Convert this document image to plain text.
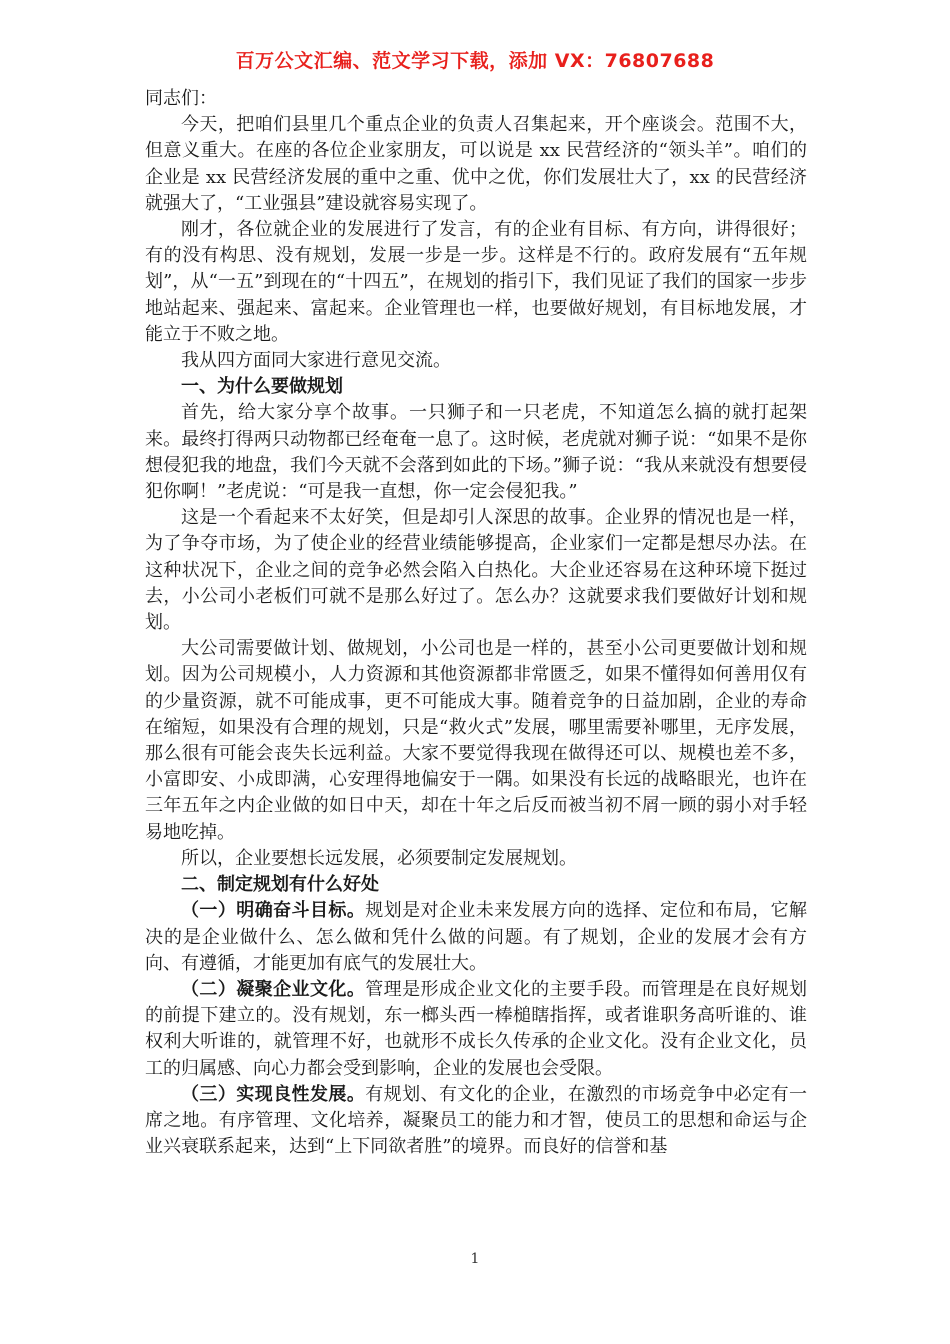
百万公文汇编、范文学习下载，添加 VX：76807688

同志们：

今天，把咱们县里几个重点企业的负责人召集起来，开个座谈会。范围不大，但意义重大。在座的各位企业家朋友，可以说是 xx 民营经济的“领头羊”。咱们的企业是 xx 民营经济发展的重中之重、优中之优，你们发展壮大了，xx 的民营经济就强大了，“工业强县”建设就容易实现了。

刚才，各位就企业的发展进行了发言，有的企业有目标、有方向，讲得很好；有的没有构思、没有规划，发展一步是一步。这样是不行的。政府发展有“五年规划”，从“一五”到现在的“十四五”，在规划的指引下，我们见证了我们的国家一步步地站起来、强起来、富起来。企业管理也一样，也要做好规划，有目标地发展，才能立于不败之地。

我从四方面同大家进行意见交流。

一、为什么要做规划

首先，给大家分享个故事。一只狮子和一只老虎，不知道怎么搞的就打起架来。最终打得两只动物都已经奄奄一息了。这时候，老虎就对狮子说：“如果不是你想侵犯我的地盘，我们今天就不会落到如此的下场。”狮子说：“我从来就没有想要侵犯你啊！”老虎说：“可是我一直想，你一定会侵犯我。”

这是一个看起来不太好笑，但是却引人深思的故事。企业界的情况也是一样，为了争夺市场，为了使企业的经营业绩能够提高，企业家们一定都是想尽办法。在这种状况下，企业之间的竞争必然会陷入白热化。大企业还容易在这种环境下挺过去，小公司小老板们可就不是那么好过了。怎么办？这就要求我们要做好计划和规划。

大公司需要做计划、做规划，小公司也是一样的，甚至小公司更要做计划和规划。因为公司规模小，人力资源和其他资源都非常匮乏，如果不懂得如何善用仅有的少量资源，就不可能成事，更不可能成大事。随着竞争的日益加剧，企业的寿命在缩短，如果没有合理的规划，只是“救火式”发展，哪里需要补哪里，无序发展，那么很有可能会丧失长远利益。大家不要觉得我现在做得还可以、规模也差不多，小富即安、小成即满，心安理得地偏安于一隅。如果没有长远的战略眼光，也许在三年五年之内企业做的如日中天，却在十年之后反而被当初不屑一顾的弱小对手轻易地吃掉。

所以，企业要想长远发展，必须要制定发展规划。

二、制定规划有什么好处

（一）明确奋斗目标。规划是对企业未来发展方向的选择、定位和布局，它解决的是企业做什么、怎么做和凭什么做的问题。有了规划，企业的发展才会有方向、有遵循，才能更加有底气的发展壮大。

（二）凝聚企业文化。管理是形成企业文化的主要手段。而管理是在良好规划的前提下建立的。没有规划，东一榔头西一棒槌瞎指挥，或者谁职务高听谁的、谁权利大听谁的，就管理不好，也就形不成长久传承的企业文化。没有企业文化，员工的归属感、向心力都会受到影响，企业的发展也会受限。

（三）实现良性发展。有规划、有文化的企业，在激烈的市场竞争中必定有一席之地。有序管理、文化培养，凝聚员工的能力和才智，使员工的思想和命运与企业兴衰联系起来，达到“上下同欲者胜”的境界。而良好的信誉和基

1
